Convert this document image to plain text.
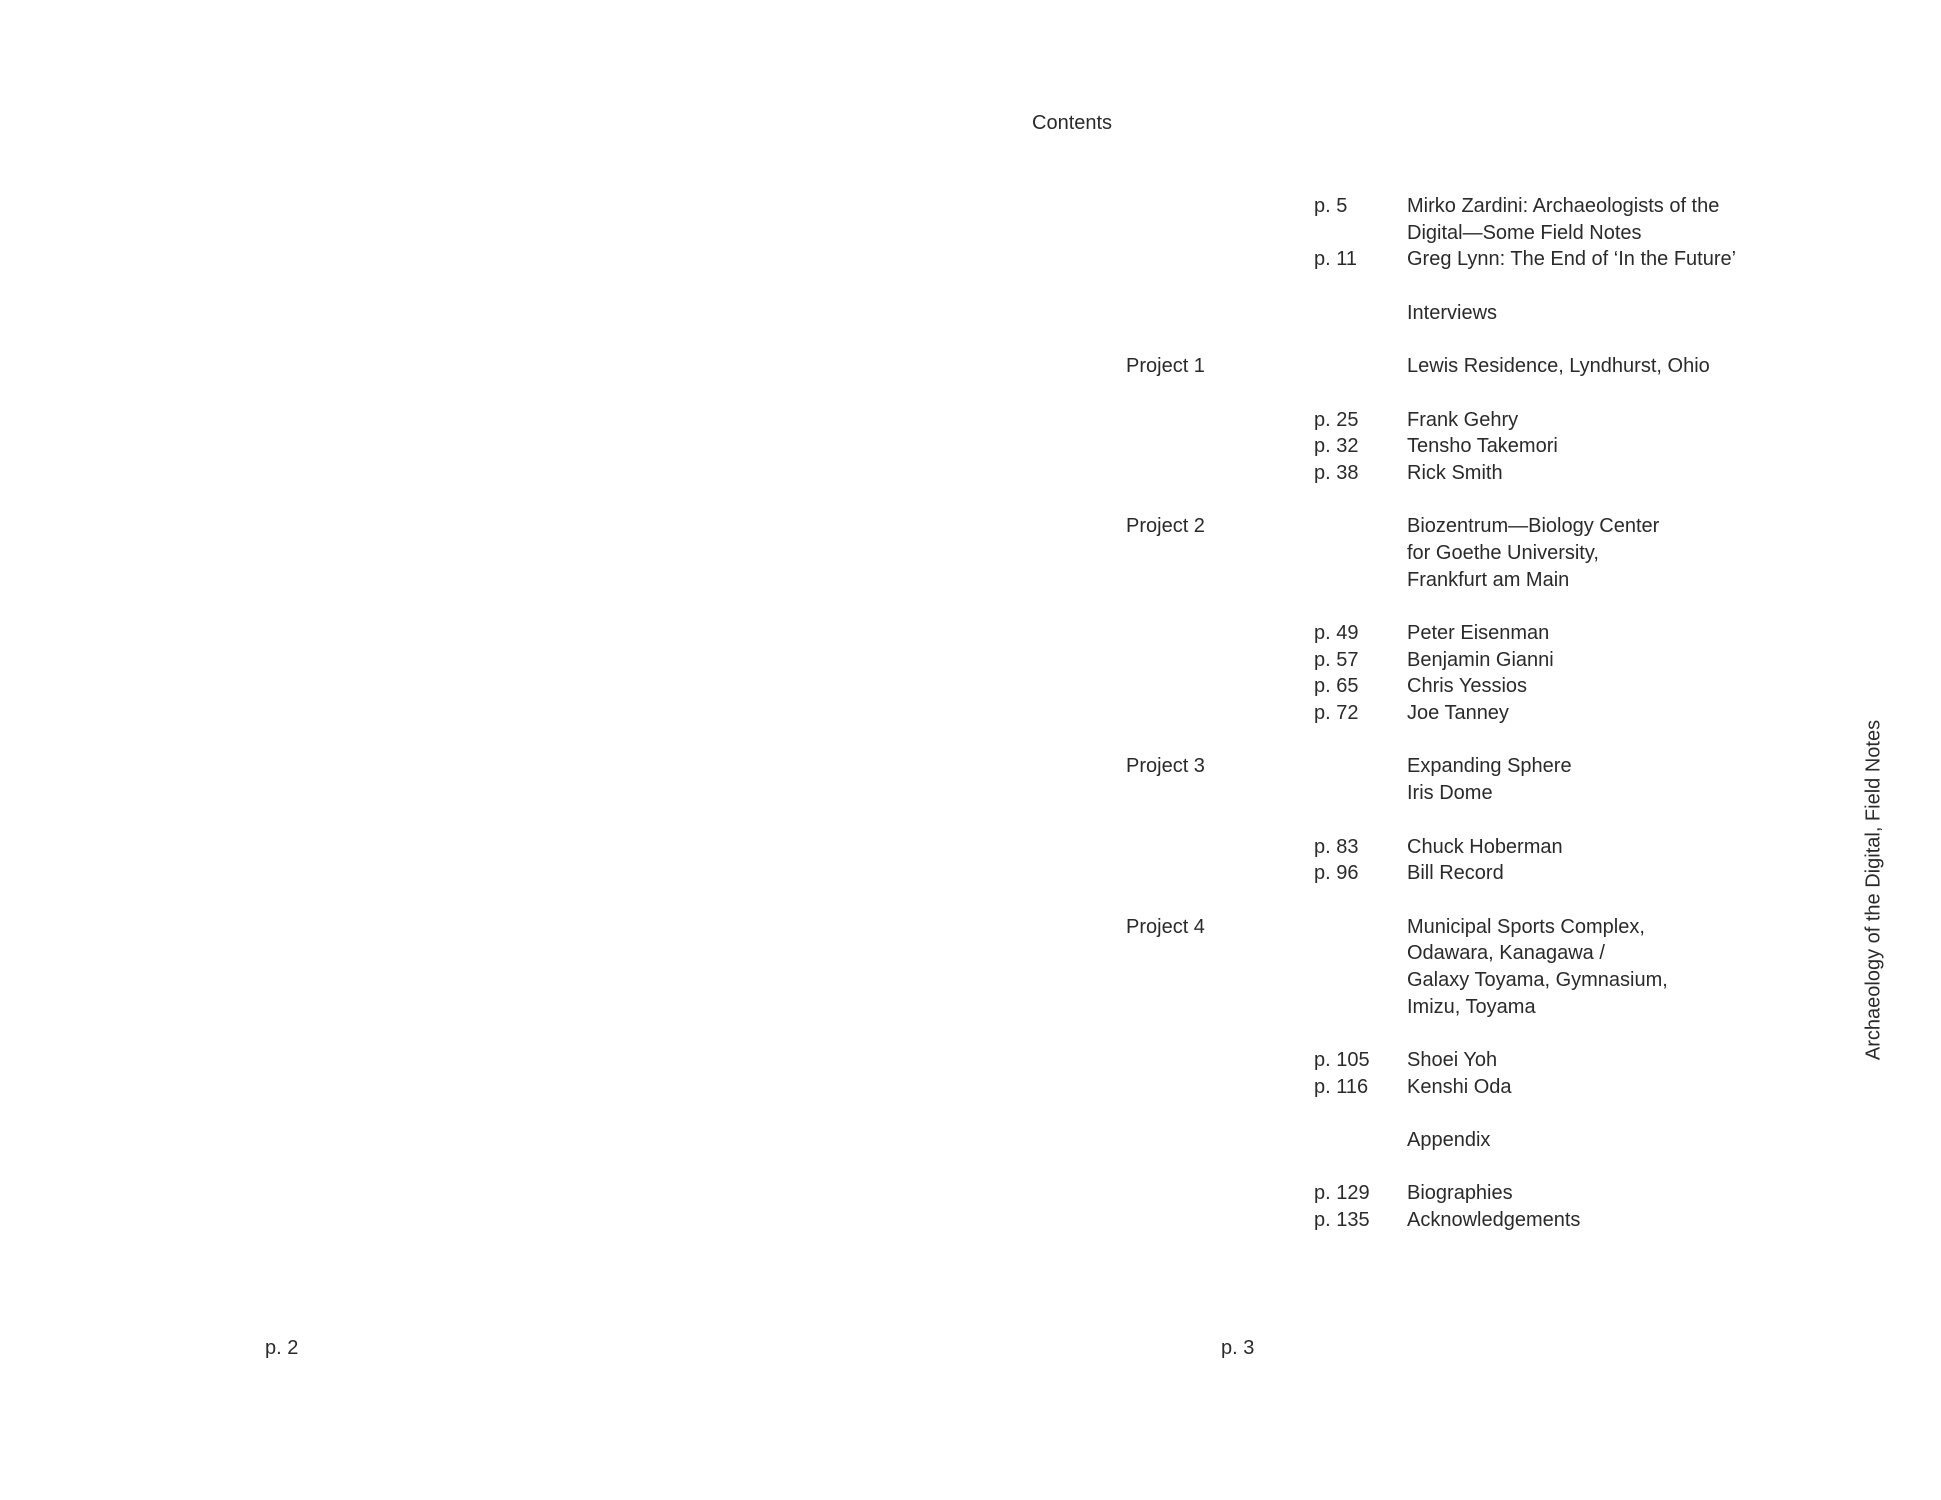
Contents
p. 5	Mirko Zardini: Archaeologists of the
Digital—Some Field Notes
p. 11	Greg Lynn: The End of ‘In the Future’
Interviews
Project 1	Lewis Residence, Lyndhurst, Ohio
p. 25 Frank Gehry
p. 32 Tensho Takemori
p. 38 Rick Smith
Project 2	Biozentrum—Biology Center
for Goethe University,
Frankfurt am Main
p. 49 Peter Eisenman
p. 57 Benjamin Gianni
p. 65 Chris Yessios
p. 72 Joe Tanney
Project 3	Expanding Sphere
Iris Dome
p. 83 Chuck Hoberman
p. 96 Bill Record
Project 4	Municipal Sports Complex,
Odawara, Kanagawa /
Galaxy Toyama, Gymnasium,
Imizu, Toyama
p. 105 Shoei Yoh
p. 116 Kenshi Oda
Appendix
p. 129 Biographies
p. 135 Acknowledgements
p. 2	p. 3
Archaeology of the Digital, Field Notes
